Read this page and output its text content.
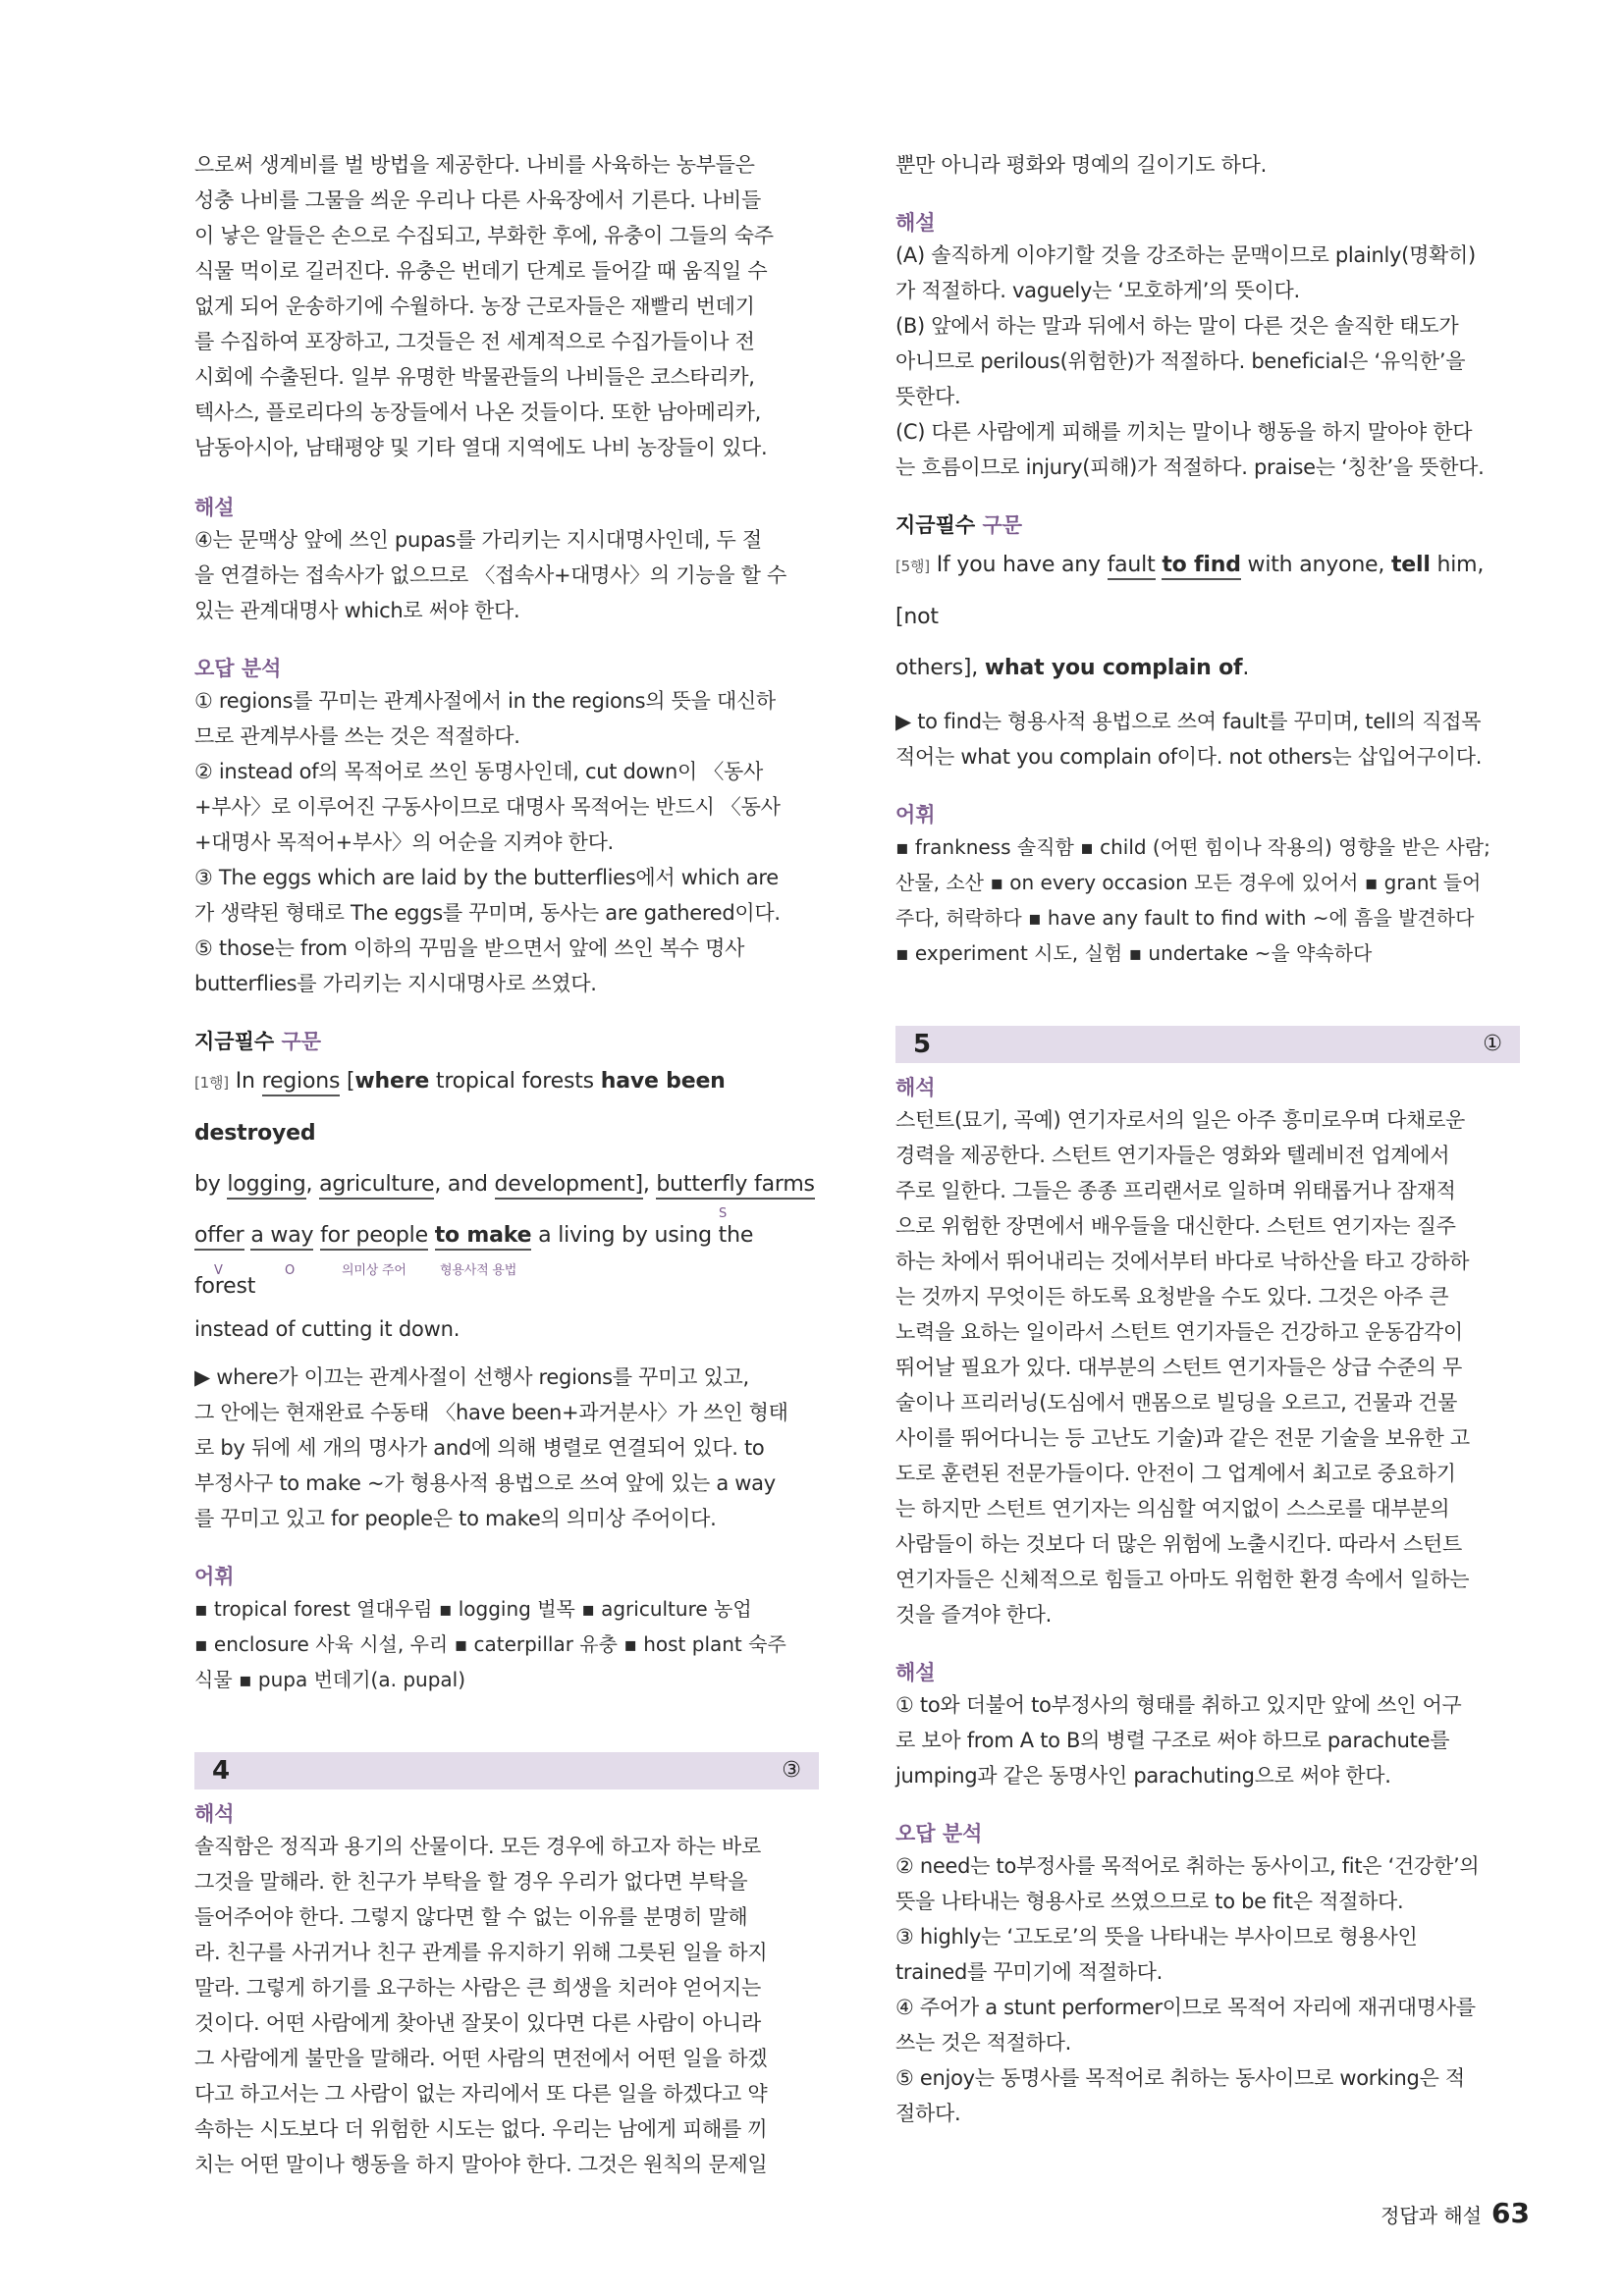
으로써 생계비를 벌 방법을 제공한다. 나비를 사육하는 농부들은

성충 나비를 그물을 씌운 우리나 다른 사육장에서 기른다. 나비들

이 낳은 알들은 손으로 수집되고, 부화한 후에, 유충이 그들의 숙주

식물 먹이로 길러진다. 유충은 번데기 단계로 들어갈 때 움직일 수

없게 되어 운송하기에 수월하다. 농장 근로자들은 재빨리 번데기

를 수집하여 포장하고, 그것들은 전 세계적으로 수집가들이나 전

시회에 수출된다. 일부 유명한 박물관들의 나비들은 코스타리카,

텍사스, 플로리다의 농장들에서 나온 것들이다. 또한 남아메리카,

남동아시아, 남태평양 및 기타 열대 지역에도 나비 농장들이 있다.

해설

④는 문맥상 앞에 쓰인 pupas를 가리키는 지시대명사인데, 두 절

을 연결하는 접속사가 없으므로 〈접속사+대명사〉의 기능을 할 수

있는 관계대명사 which로 써야 한다.

오답 분석

① regions를 꾸미는 관계사절에서 in the regions의 뜻을 대신하

므로 관계부사를 쓰는 것은 적절하다.

② instead of의 목적어로 쓰인 동명사인데, cut down이 〈동사

+부사〉로 이루어진 구동사이므로 대명사 목적어는 반드시 〈동사

+대명사 목적어+부사〉의 어순을 지켜야 한다.

③ The eggs which are laid by the butterflies에서 which are

가 생략된 형태로 The eggs를 꾸미며, 동사는 are gathered이다.

⑤ those는 from 이하의 꾸밈을 받으면서 앞에 쓰인 복수 명사

butterflies를 가리키는 지시대명사로 쓰였다.

지금필수 구문
[1행] In regions [where tropical forests have been destroyed
by logging, agriculture, and development], butterfly farms
S
offer a way for people to make a living by using the forest
V	O	의미상 주어	형용사적 용법
instead of cutting it down.

▶ where가 이끄는 관계사절이 선행사 regions를 꾸미고 있고,

그 안에는 현재완료 수동태 〈have been+과거분사〉가 쓰인 형태

로 by 뒤에 세 개의 명사가 and에 의해 병렬로 연결되어 있다. to

부정사구 to make ~가 형용사적 용법으로 쓰여 앞에 있는 a way

를 꾸미고 있고 for people은 to make의 의미상 주어이다.

어휘

▪ tropical forest 열대우림 ▪ logging 벌목 ▪ agriculture 농업

▪ enclosure 사육 시설, 우리 ▪ caterpillar 유충 ▪ host plant 숙주

식물 ▪ pupa 번데기(a. pupal)

4	③
해석

솔직함은 정직과 용기의 산물이다. 모든 경우에 하고자 하는 바로

그것을 말해라. 한 친구가 부탁을 할 경우 우리가 없다면 부탁을

들어주어야 한다. 그렇지 않다면 할 수 없는 이유를 분명히 말해

라. 친구를 사귀거나 친구 관계를 유지하기 위해 그릇된 일을 하지

말라. 그렇게 하기를 요구하는 사람은 큰 희생을 치러야 얻어지는

것이다. 어떤 사람에게 찾아낸 잘못이 있다면 다른 사람이 아니라

그 사람에게 불만을 말해라. 어떤 사람의 면전에서 어떤 일을 하겠

다고 하고서는 그 사람이 없는 자리에서 또 다른 일을 하겠다고 약

속하는 시도보다 더 위험한 시도는 없다. 우리는 남에게 피해를 끼

치는 어떤 말이나 행동을 하지 말아야 한다. 그것은 원칙의 문제일

뿐만 아니라 평화와 명예의 길이기도 하다.

해설

(A) 솔직하게 이야기할 것을 강조하는 문맥이므로 plainly(명확히)

가 적절하다. vaguely는 ‘모호하게’의 뜻이다.

(B) 앞에서 하는 말과 뒤에서 하는 말이 다른 것은 솔직한 태도가

아니므로 perilous(위험한)가 적절하다. beneficial은 ‘유익한’을

뜻한다.

(C) 다른 사람에게 피해를 끼치는 말이나 행동을 하지 말아야 한다

는 흐름이므로 injury(피해)가 적절하다. praise는 ‘칭찬’을 뜻한다.

지금필수 구문
[5행] If you have any fault to find with anyone, tell him, [not
others], what you complain of.

▶ to find는 형용사적 용법으로 쓰여 fault를 꾸미며, tell의 직접목

적어는 what you complain of이다. not others는 삽입어구이다.

어휘

▪ frankness 솔직함 ▪ child (어떤 힘이나 작용의) 영향을 받은 사람;

산물, 소산 ▪ on every occasion 모든 경우에 있어서 ▪ grant 들어

주다, 허락하다 ▪ have any fault to find with ~에 흠을 발견하다

▪ experiment 시도, 실험 ▪ undertake ~을 약속하다

5	①
해석

스턴트(묘기, 곡예) 연기자로서의 일은 아주 흥미로우며 다채로운

경력을 제공한다. 스턴트 연기자들은 영화와 텔레비전 업계에서

주로 일한다. 그들은 종종 프리랜서로 일하며 위태롭거나 잠재적

으로 위험한 장면에서 배우들을 대신한다. 스턴트 연기자는 질주

하는 차에서 뛰어내리는 것에서부터 바다로 낙하산을 타고 강하하

는 것까지 무엇이든 하도록 요청받을 수도 있다. 그것은 아주 큰

노력을 요하는 일이라서 스턴트 연기자들은 건강하고 운동감각이

뛰어날 필요가 있다. 대부분의 스턴트 연기자들은 상급 수준의 무

술이나 프리러닝(도심에서 맨몸으로 빌딩을 오르고, 건물과 건물

사이를 뛰어다니는 등 고난도 기술)과 같은 전문 기술을 보유한 고

도로 훈련된 전문가들이다. 안전이 그 업계에서 최고로 중요하기

는 하지만 스턴트 연기자는 의심할 여지없이 스스로를 대부분의

사람들이 하는 것보다 더 많은 위험에 노출시킨다. 따라서 스턴트

연기자들은 신체적으로 힘들고 아마도 위험한 환경 속에서 일하는

것을 즐겨야 한다.

해설

① to와 더불어 to부정사의 형태를 취하고 있지만 앞에 쓰인 어구

로 보아 from A to B의 병렬 구조로 써야 하므로 parachute를

jumping과 같은 동명사인 parachuting으로 써야 한다.

오답 분석

② need는 to부정사를 목적어로 취하는 동사이고, fit은 ‘건강한’의

뜻을 나타내는 형용사로 쓰였으므로 to be fit은 적절하다.

③ highly는 ‘고도로’의 뜻을 나타내는 부사이므로 형용사인

trained를 꾸미기에 적절하다.

④ 주어가 a stunt performer이므로 목적어 자리에 재귀대명사를

쓰는 것은 적절하다.

⑤ enjoy는 동명사를 목적어로 취하는 동사이므로 working은 적

절하다.

정답과 해설 63
